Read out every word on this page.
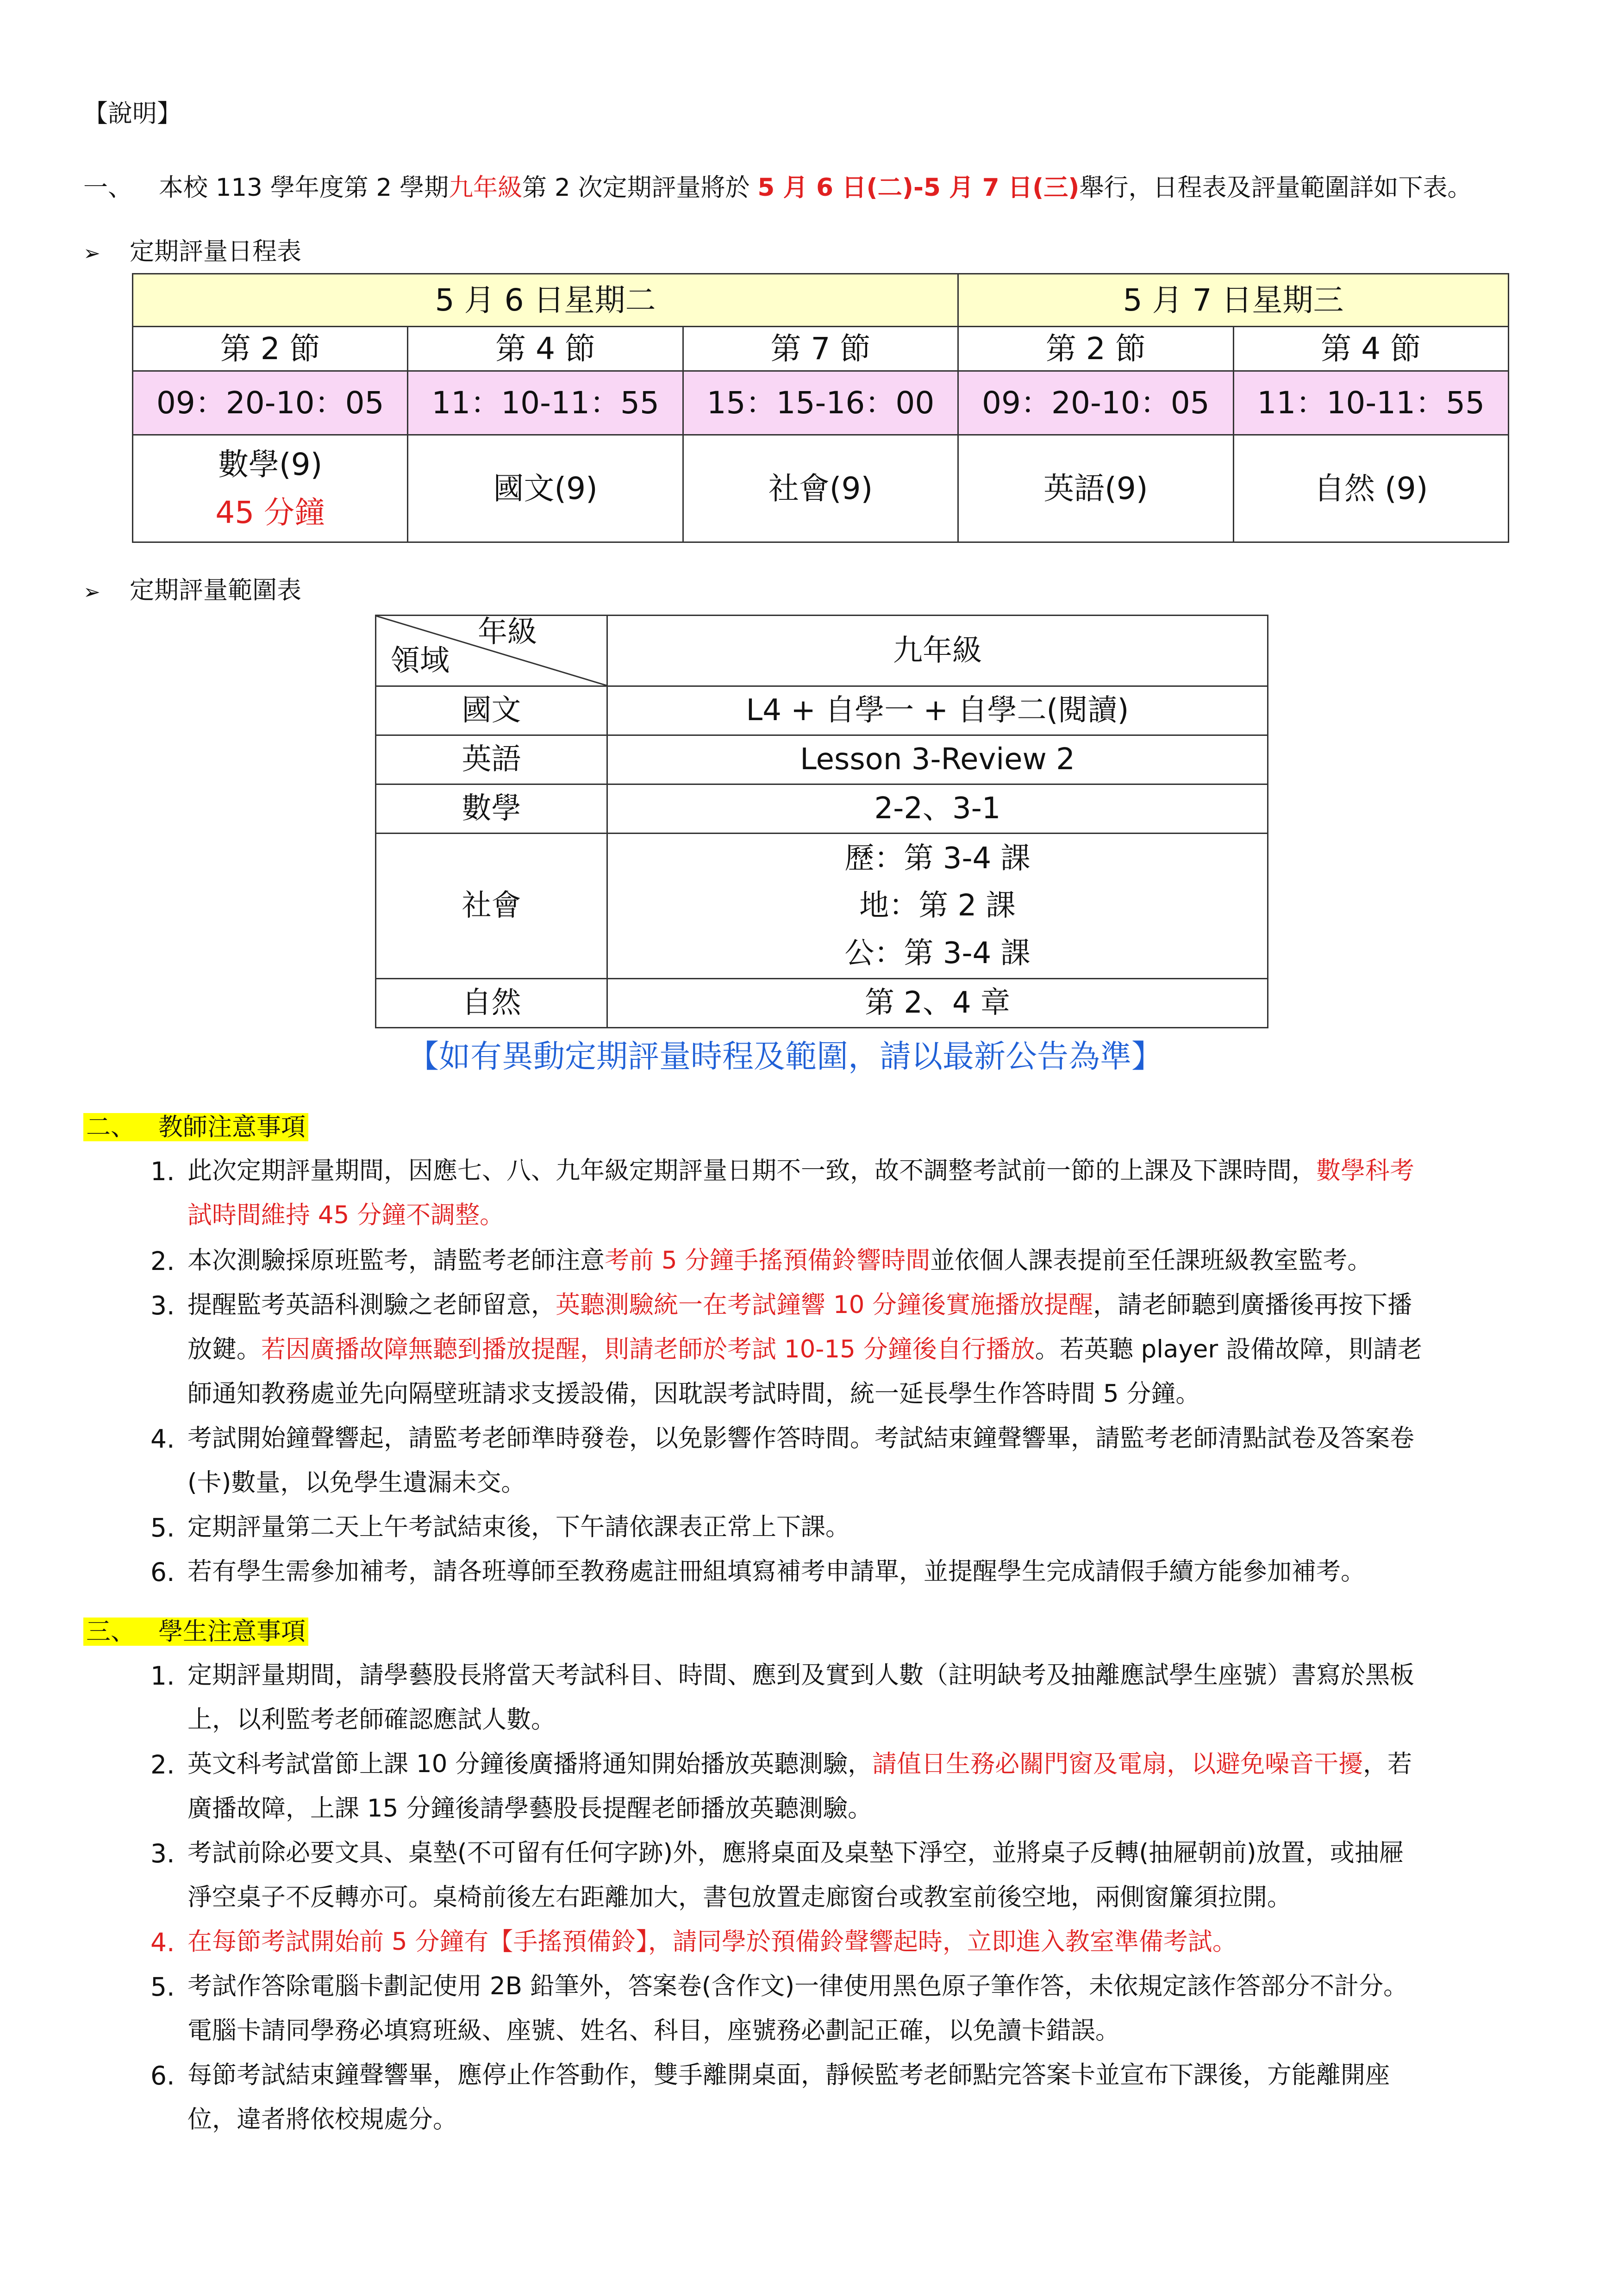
【說明】
一、 本校 113 學年度第 2 學期九年級第 2 次定期評量將於 5 月 6 日(二)-5 月 7 日(三)舉行，日程表及評量範圍詳如下表。
➢ 定期評量日程表
5 月 6 日星期二			5 月 7 日星期三	
第 2 節	第 4 節	第 7 節	第 2 節	第 4 節
09：20-10：05	11：10-11：55	15：15-16：00	09：20-10：05	11：10-11：55

數學(9)
45 分鐘	國文(9)	社會(9)	英語(9)	自然 (9)
➢ 定期評量範圍表
年級
領域	九年級
國文	L4 + 自學一 + 自學二(閱讀)
英語	Lesson 3-Review 2
數學	2-2、3-1
社會	歷：第 3-4 課
地：第 2 課
公：第 3-4 課

自然	第 2、4 章
【如有異動定期評量時程及範圍，請以最新公告為準】
二、 教師注意事項
1. 此次定期評量期間，因應七、八、九年級定期評量日期不一致，故不調整考試前一節的上課及下課時間，數學科考
試時間維持 45 分鐘不調整。
2. 本次測驗採原班監考，請監考老師注意考前 5 分鐘手搖預備鈴響時間並依個人課表提前至任課班級教室監考。
3. 提醒監考英語科測驗之老師留意，英聽測驗統一在考試鐘響 10 分鐘後實施播放提醒，請老師聽到廣播後再按下播
放鍵。若因廣播故障無聽到播放提醒，則請老師於考試 10-15 分鐘後自行播放。若英聽 player 設備故障，則請老
師通知教務處並先向隔壁班請求支援設備，因耽誤考試時間，統一延長學生作答時間 5 分鐘。
4. 考試開始鐘聲響起，請監考老師準時發卷，以免影響作答時間。考試結束鐘聲響畢，請監考老師清點試卷及答案卷
(卡)數量，以免學生遺漏未交。
5. 定期評量第二天上午考試結束後，下午請依課表正常上下課。
6. 若有學生需參加補考，請各班導師至教務處註冊組填寫補考申請單，並提醒學生完成請假手續方能參加補考。
三、 學生注意事項
1. 定期評量期間，請學藝股長將當天考試科目、時間、應到及實到人數（註明缺考及抽離應試學生座號）書寫於黑板
上，以利監考老師確認應試人數。
2. 英文科考試當節上課 10 分鐘後廣播將通知開始播放英聽測驗，請值日生務必關門窗及電扇，以避免噪音干擾，若
廣播故障，上課 15 分鐘後請學藝股長提醒老師播放英聽測驗。
3. 考試前除必要文具、桌墊(不可留有任何字跡)外，應將桌面及桌墊下淨空，並將桌子反轉(抽屜朝前)放置，或抽屜
淨空桌子不反轉亦可。桌椅前後左右距離加大，書包放置走廊窗台或教室前後空地，兩側窗簾須拉開。
4. 在每節考試開始前 5 分鐘有【手搖預備鈴】，請同學於預備鈴聲響起時，立即進入教室準備考試。
5. 考試作答除電腦卡劃記使用 2B 鉛筆外，答案卷(含作文)一律使用黑色原子筆作答，未依規定該作答部分不計分。
電腦卡請同學務必填寫班級、座號、姓名、科目，座號務必劃記正確，以免讀卡錯誤。
6. 每節考試結束鐘聲響畢，應停止作答動作，雙手離開桌面，靜候監考老師點完答案卡並宣布下課後，方能離開座
位，違者將依校規處分。
